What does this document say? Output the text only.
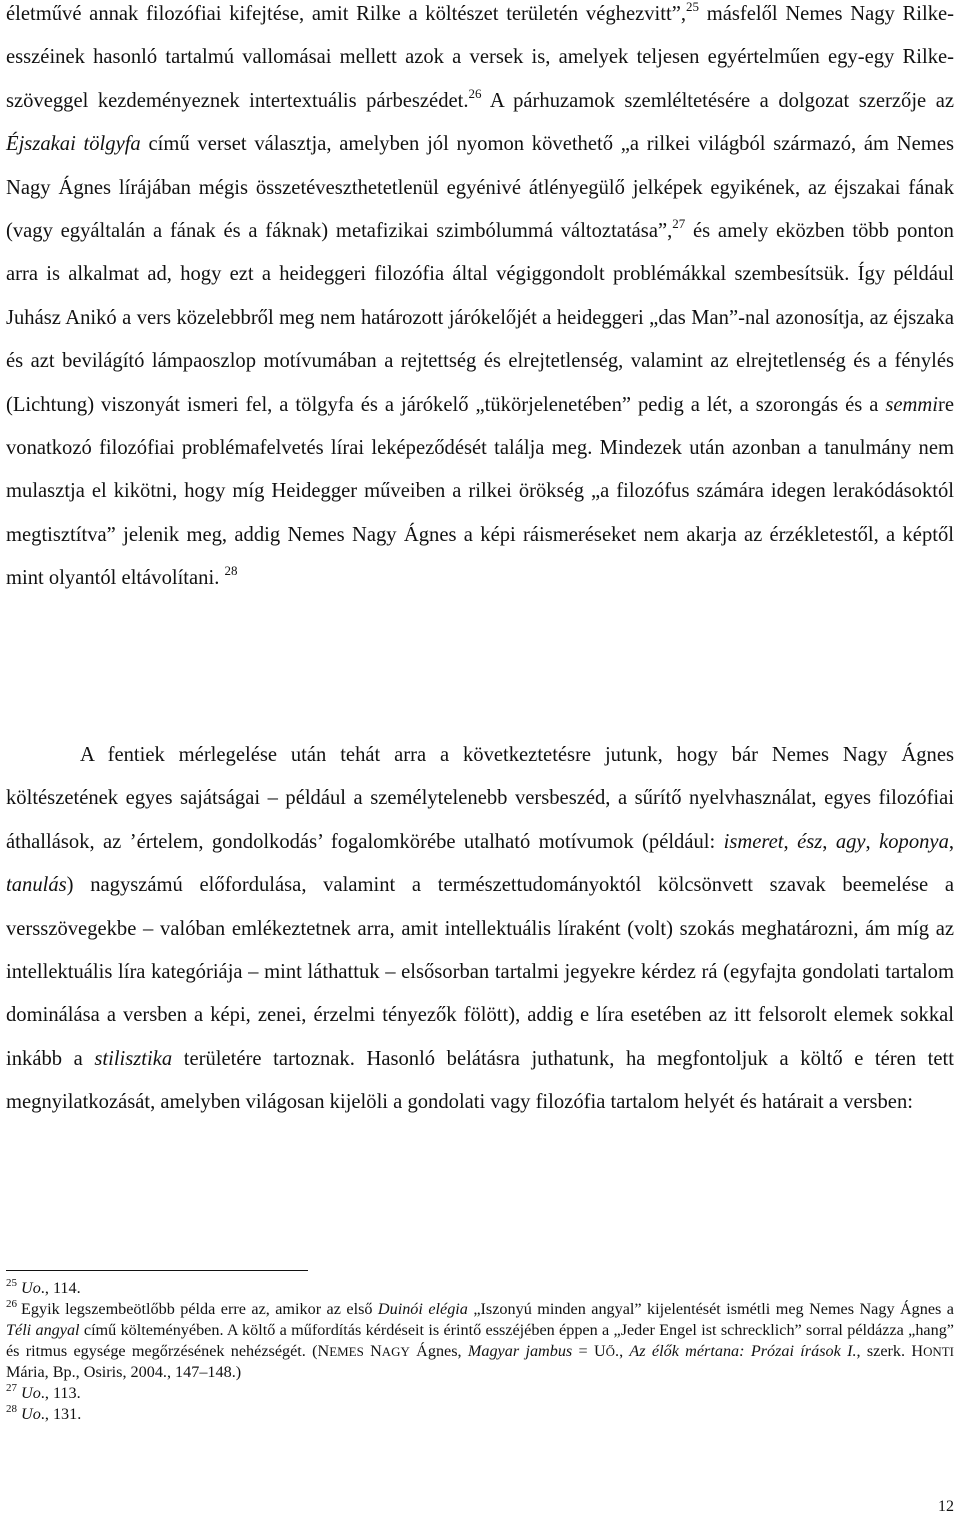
életművé annak filozófiai kifejtése, amit Rilke a költészet területén véghezvitt”,$^{25}$ másfelől Nemes Nagy Rilke-esszéinek hasonló tartalmú vallomásai mellett azok a versek is, amelyek teljesen egyértelműen egy-egy Rilke-szöveggel kezdeményeznek intertextuális párbeszédet.$^{26}$ A párhuzamok szemléltetésére a dolgozat szerzője az Éjszakai tölgyfa című verset választja, amelyben jól nyomon követhető „a rilkei világból származó, ám Nemes Nagy Ágnes lírájában mégis összetéveszthetetlenül egyénivé átlényegülő jelképek egyikének, az éjszakai fának (vagy egyáltalán a fának és a fáknak) metafizikai szimbólummá változtatása”,$^{27}$ és amely eközben több ponton arra is alkalmat ad, hogy ezt a heideggeri filozófia által végiggondolt problémákkal szembesítsük. Így például Juhász Anikó a vers közelebbről meg nem határozott járókelőjét a heideggeri „das Man”-nal azonosítja, az éjszaka és azt bevilágító lámpaoszlop motívumában a rejtettség és elrejtetlenség, valamint az elrejtetlenség és a fénylés (Lichtung) viszonyát ismeri fel, a tölgyfa és a járókelő „tükörjelenetében” pedig a lét, a szorongás és a semmire vonatkozó filozófiai problémafelvetés lírai leképeződését találja meg. Mindezek után azonban a tanulmány nem mulasztja el kikötni, hogy míg Heidegger műveiben a rilkei örökség „a filozófus számára idegen lerakódásoktól megtisztítva” jelenik meg, addig Nemes Nagy Ágnes a képi ráismeréseket nem akarja az érzékletestől, a képtől mint olyantól eltávolítani. $^{28}$

A fentiek mérlegelése után tehát arra a következtetésre jutunk, hogy bár Nemes Nagy Ágnes költészetének egyes sajátságai – például a személytelenebb versbeszéd, a sűrítő nyelvhasználat, egyes filozófiai áthallások, az ’értelem, gondolkodás’ fogalomkörébe utalható motívumok (például: ismeret, ész, agy, koponya, tanulás) nagyszámú előfordulása, valamint a természettudományoktól kölcsönvett szavak beemelése a versszövegekbe – valóban emlékeztetnek arra, amit intellektuális líraként (volt) szokás meghatározni, ám míg az intellektuális líra kategóriája – mint láthattuk – elsősorban tartalmi jegyekre kérdez rá (egyfajta gondolati tartalom dominálása a versben a képi, zenei, érzelmi tényezők fölött), addig e líra esetében az itt felsorolt elemek sokkal inkább a stilisztika területére tartoznak. Hasonló belátásra juthatunk, ha megfontoljuk a költő e téren tett megnyilatkozását, amelyben világosan kijelöli a gondolati vagy filozófia tartalom helyét és határait a versben:

$^{25}$ Uo., 114.

$^{26}$ Egyik legszembeötlőbb példa erre az, amikor az első Duinói elégia „Iszonyú minden angyal” kijelentését ismétli meg Nemes Nagy Ágnes a Téli angyal című költeményében. A költő a műfordítás kérdéseit is érintő esszéjében éppen a „Jeder Engel ist schrecklich” sorral példázza „hang” és ritmus egysége megőrzésének nehézségét. (NEMES NAGY Ágnes, Magyar jambus = UŐ., Az élők mértana: Prózai írások I., szerk. HONTI Mária, Bp., Osiris, 2004., 147–148.)

$^{27}$ Uo., 113.

$^{28}$ Uo., 131.

12
